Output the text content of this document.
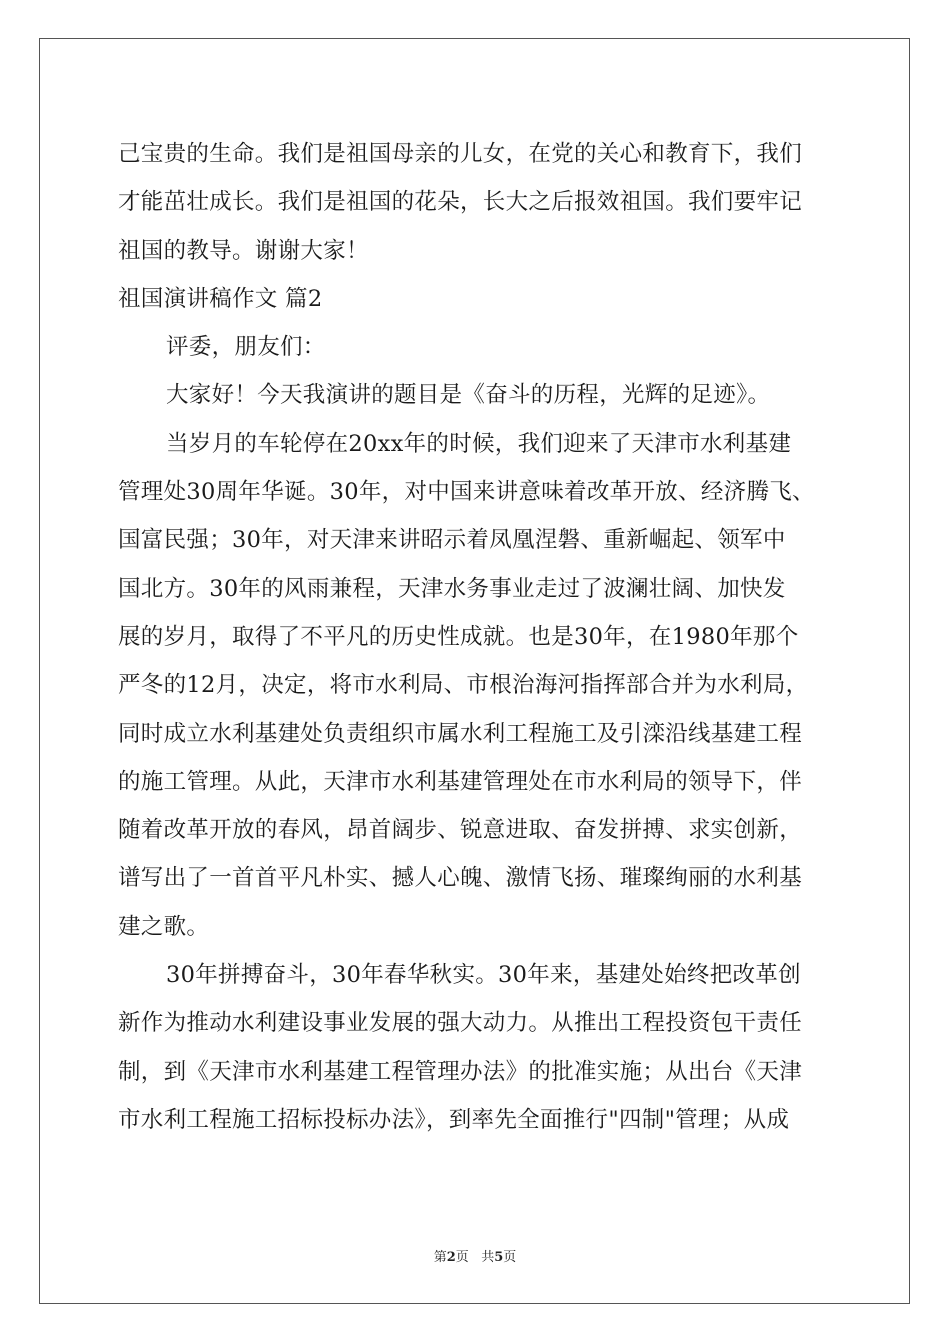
己宝贵的生命。我们是祖国母亲的儿女，在党的关心和教育下，我们
才能茁壮成长。我们是祖国的花朵，长大之后报效祖国。我们要牢记
祖国的教导。谢谢大家！
祖国演讲稿作文 篇2
评委，朋友们：
大家好！今天我演讲的题目是《奋斗的历程，光辉的足迹》。
当岁月的车轮停在20xx年的时候，我们迎来了天津市水利基建
管理处30周年华诞。30年，对中国来讲意味着改革开放、经济腾飞、
国富民强；30年，对天津来讲昭示着凤凰涅磐、重新崛起、领军中
国北方。30年的风雨兼程，天津水务事业走过了波澜壮阔、加快发
展的岁月，取得了不平凡的历史性成就。也是30年，在1980年那个
严冬的12月，决定，将市水利局、市根治海河指挥部合并为水利局，
同时成立水利基建处负责组织市属水利工程施工及引滦沿线基建工程
的施工管理。从此，天津市水利基建管理处在市水利局的领导下，伴
随着改革开放的春风，昂首阔步、锐意进取、奋发拼搏、求实创新，
谱写出了一首首平凡朴实、撼人心魄、激情飞扬、璀璨绚丽的水利基
建之歌。
30年拼搏奋斗，30年春华秋实。30年来，基建处始终把改革创
新作为推动水利建设事业发展的强大动力。从推出工程投资包干责任
制，到《天津市水利基建工程管理办法》的批准实施；从出台《天津
市水利工程施工招标投标办法》，到率先全面推行"四制"管理；从成
第2页 共5页
